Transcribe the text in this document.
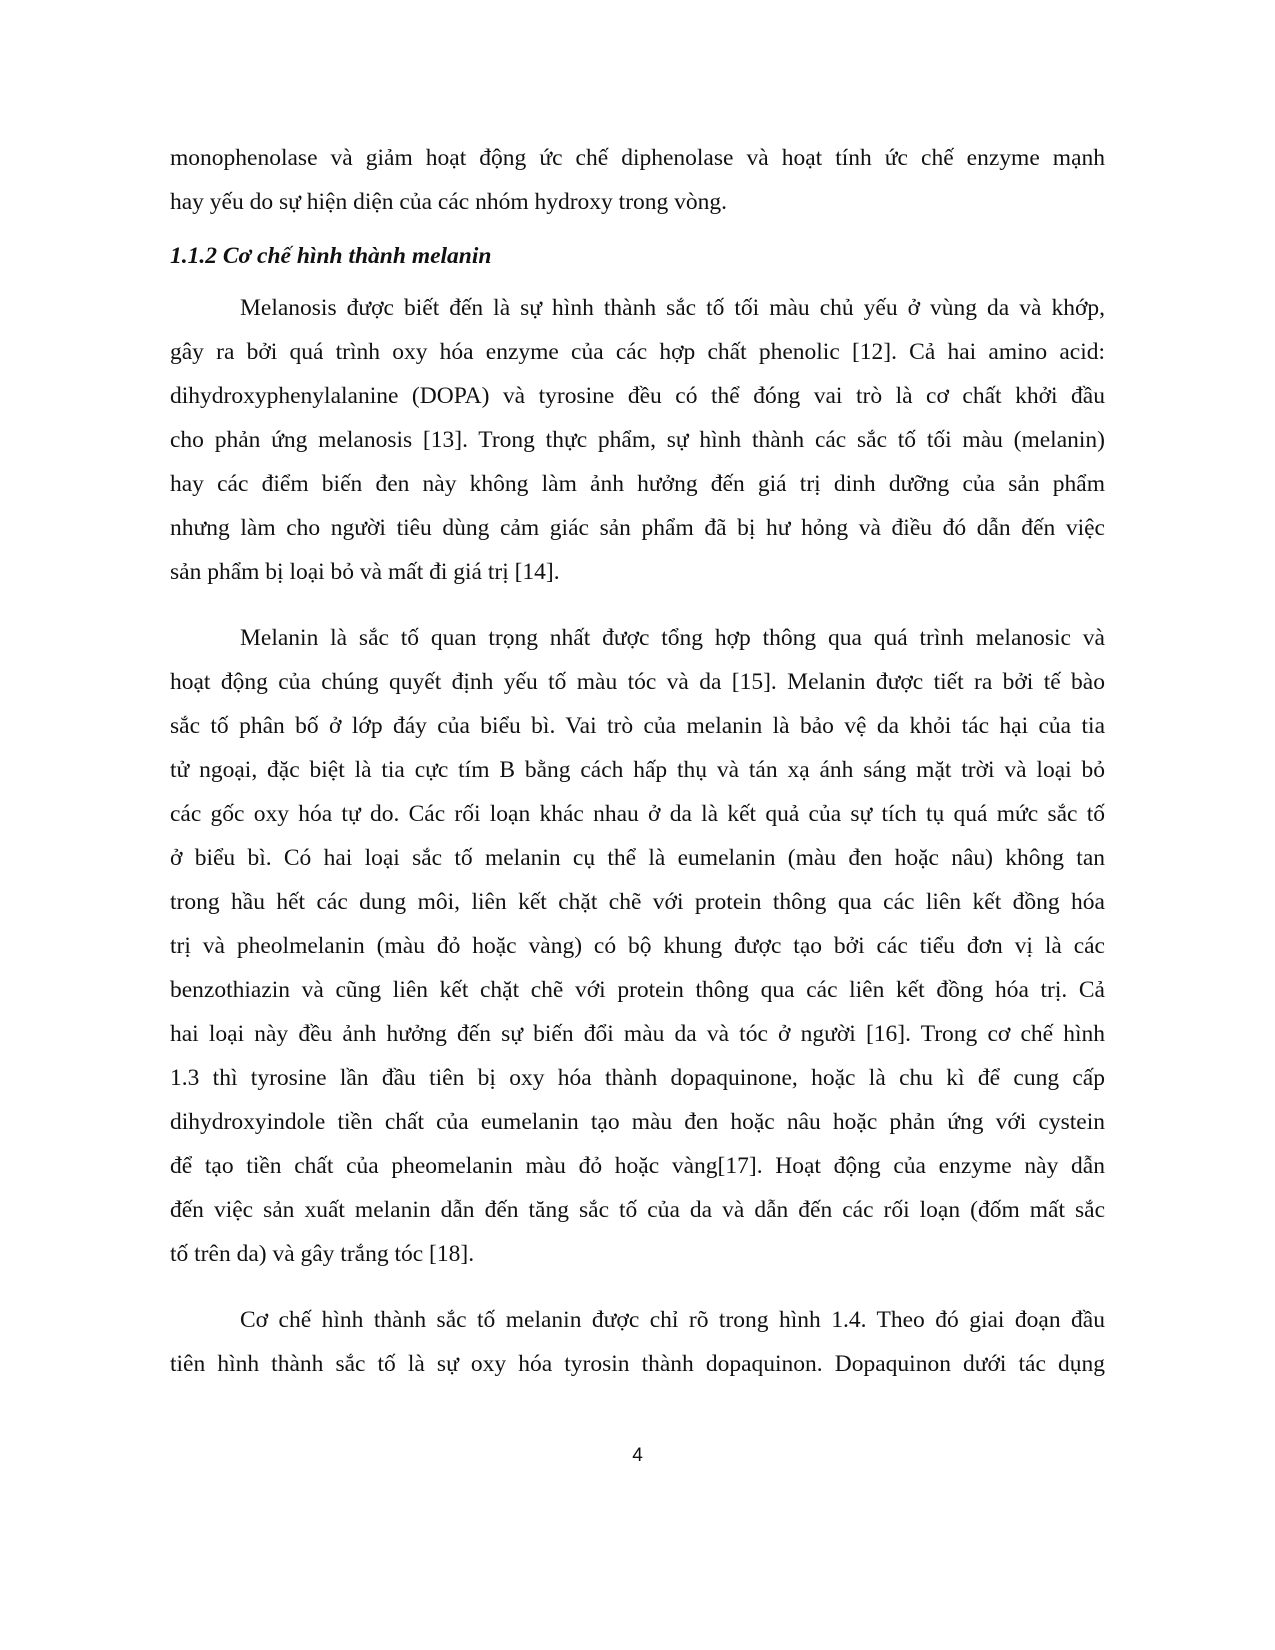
monophenolase và giảm hoạt động ức chế diphenolase và hoạt tính ức chế enzyme mạnh
hay yếu do sự hiện diện của các nhóm hydroxy trong vòng.
1.1.2 Cơ chế hình thành melanin
Melanosis được biết đến là sự hình thành sắc tố tối màu chủ yếu ở vùng da và khớp,
gây ra bởi quá trình oxy hóa enzyme của các hợp chất phenolic [12]. Cả hai amino acid:
dihydroxyphenylalanine (DOPA) và tyrosine đều có thể đóng vai trò là cơ chất khởi đầu
cho phản ứng melanosis [13]. Trong thực phẩm, sự hình thành các sắc tố tối màu (melanin)
hay các điểm biến đen này không làm ảnh hưởng đến giá trị dinh dưỡng của sản phẩm
nhưng làm cho người tiêu dùng cảm giác sản phẩm đã bị hư hỏng và điều đó dẫn đến việc
sản phẩm bị loại bỏ và mất đi giá trị [14].
Melanin là sắc tố quan trọng nhất được tổng hợp thông qua quá trình melanosic và
hoạt động của chúng quyết định yếu tố màu tóc và da [15]. Melanin được tiết ra bởi tế bào
sắc tố phân bố ở lớp đáy của biểu bì. Vai trò của melanin là bảo vệ da khỏi tác hại của tia
tử ngoại, đặc biệt là tia cực tím B bằng cách hấp thụ và tán xạ ánh sáng mặt trời và loại bỏ
các gốc oxy hóa tự do. Các rối loạn khác nhau ở da là kết quả của sự tích tụ quá mức sắc tố
ở biểu bì. Có hai loại sắc tố melanin cụ thể là eumelanin (màu đen hoặc nâu) không tan
trong hầu hết các dung môi, liên kết chặt chẽ với protein thông qua các liên kết đồng hóa
trị và pheolmelanin (màu đỏ hoặc vàng) có bộ khung được tạo bởi các tiểu đơn vị là các
benzothiazin và cũng liên kết chặt chẽ với protein thông qua các liên kết đồng hóa trị. Cả
hai loại này đều ảnh hưởng đến sự biến đổi màu da và tóc ở người [16]. Trong cơ chế hình
1.3 thì tyrosine lần đầu tiên bị oxy hóa thành dopaquinone, hoặc là chu kì để cung cấp
dihydroxyindole tiền chất của eumelanin tạo màu đen hoặc nâu hoặc phản ứng với cystein
để tạo tiền chất của pheomelanin màu đỏ hoặc vàng[17]. Hoạt động của enzyme này dẫn
đến việc sản xuất melanin dẫn đến tăng sắc tố của da và dẫn đến các rối loạn (đốm mất sắc
tố trên da) và gây trắng tóc [18].
Cơ chế hình thành sắc tố melanin được chỉ rõ trong hình 1.4. Theo đó giai đoạn đầu
tiên hình thành sắc tố là sự oxy hóa tyrosin thành dopaquinon. Dopaquinon dưới tác dụng
4
